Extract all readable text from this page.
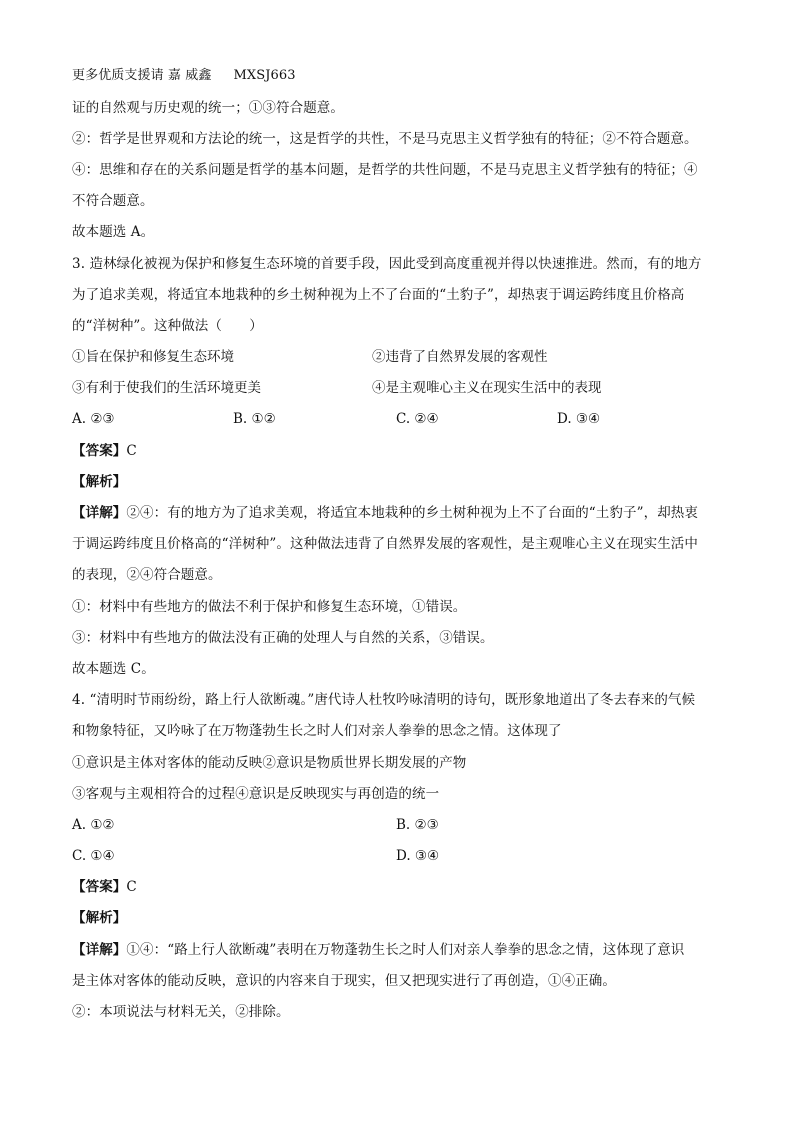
更多优质支援请 嘉 威鑫 MXSJ663
证的自然观与历史观的统一；①③符合题意。
②：哲学是世界观和方法论的统一，这是哲学的共性，不是马克思主义哲学独有的特征；②不符合题意。
④：思维和存在的关系问题是哲学的基本问题，是哲学的共性问题，不是马克思主义哲学独有的特征；④
不符合题意。
故本题选 A。
3. 造林绿化被视为保护和修复生态环境的首要手段，因此受到高度重视并得以快速推进。然而，有的地方
为了追求美观，将适宜本地栽种的乡土树种视为上不了台面的“土豹子”，却热衷于调运跨纬度且价格高
的“洋树种”。这种做法（　　）
①旨在保护和修复生态环境	②违背了自然界发展的客观性
③有利于使我们的生活环境更美	④是主观唯心主义在现实生活中的表现
A. ②③	B. ①②	C. ②④	D. ③④
【答案】C
【解析】
【详解】②④：有的地方为了追求美观，将适宜本地栽种的乡土树种视为上不了台面的“土豹子”，却热衷
于调运跨纬度且价格高的“洋树种”。这种做法违背了自然界发展的客观性，是主观唯心主义在现实生活中
的表现，②④符合题意。
①：材料中有些地方的做法不利于保护和修复生态环境，①错误。
③：材料中有些地方的做法没有正确的处理人与自然的关系，③错误。
故本题选 C。
4. “清明时节雨纷纷，路上行人欲断魂。”唐代诗人杜牧吟咏清明的诗句，既形象地道出了冬去春来的气候
和物象特征，又吟咏了在万物蓬勃生长之时人们对亲人拳拳的思念之情。这体现了
①意识是主体对客体的能动反映②意识是物质世界长期发展的产物
③客观与主观相符合的过程④意识是反映现实与再创造的统一
A. ①②	B. ②③
C. ①④	D. ③④
【答案】C
【解析】
【详解】①④：“路上行人欲断魂”表明在万物蓬勃生长之时人们对亲人拳拳的思念之情，这体现了意识
是主体对客体的能动反映，意识的内容来自于现实，但又把现实进行了再创造，①④正确。
②：本项说法与材料无关，②排除。
